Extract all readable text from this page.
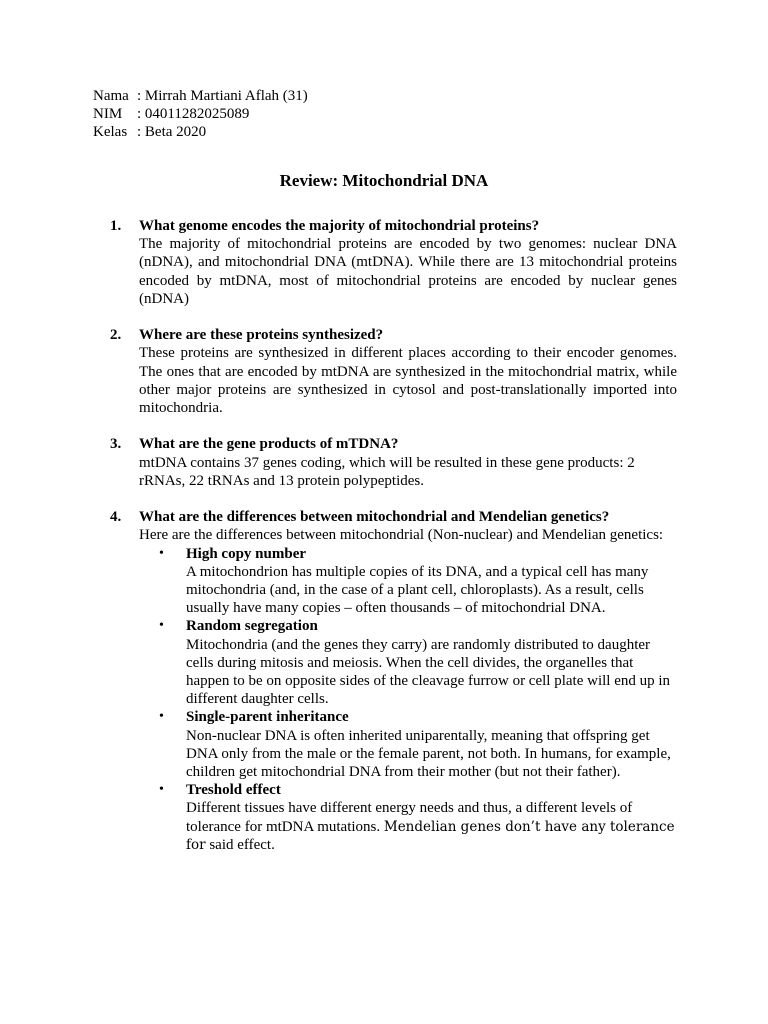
Nama : Mirrah Martiani Aflah (31)
NIM : 04011282025089
Kelas : Beta 2020
Review: Mitochondrial DNA
1. What genome encodes the majority of mitochondrial proteins?
The majority of mitochondrial proteins are encoded by two genomes: nuclear DNA (nDNA), and mitochondrial DNA (mtDNA). While there are 13 mitochondrial proteins encoded by mtDNA, most of mitochondrial proteins are encoded by nuclear genes (nDNA)
2. Where are these proteins synthesized?
These proteins are synthesized in different places according to their encoder genomes. The ones that are encoded by mtDNA are synthesized in the mitochondrial matrix, while other major proteins are synthesized in cytosol and post-translationally imported into mitochondria.
3. What are the gene products of mTDNA?
mtDNA contains 37 genes coding, which will be resulted in these gene products: 2 rRNAs, 22 tRNAs and 13 protein polypeptides.
4. What are the differences between mitochondrial and Mendelian genetics?
Here are the differences between mitochondrial (Non-nuclear) and Mendelian genetics:
• High copy number
A mitochondrion has multiple copies of its DNA, and a typical cell has many mitochondria (and, in the case of a plant cell, chloroplasts). As a result, cells usually have many copies – often thousands – of mitochondrial DNA.
• Random segregation
Mitochondria (and the genes they carry) are randomly distributed to daughter cells during mitosis and meiosis. When the cell divides, the organelles that happen to be on opposite sides of the cleavage furrow or cell plate will end up in different daughter cells.
• Single-parent inheritance
Non-nuclear DNA is often inherited uniparentally, meaning that offspring get DNA only from the male or the female parent, not both. In humans, for example, children get mitochondrial DNA from their mother (but not their father).
• Treshold effect
Different tissues have different energy needs and thus, a different levels of tolerance for mtDNA mutations. Mendelian genes don’t have any tolerance for said effect.
